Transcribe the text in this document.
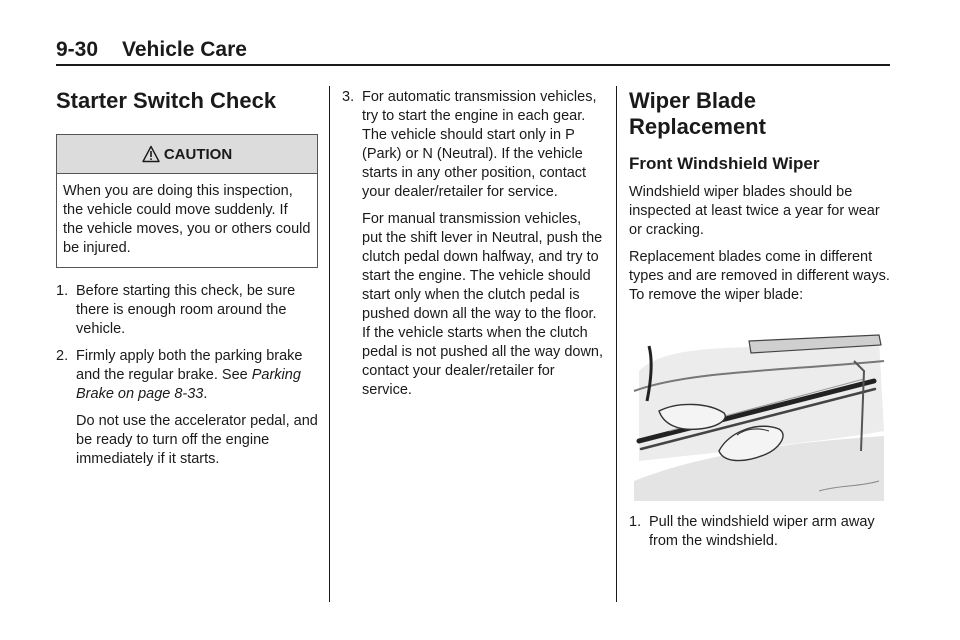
9-30 Vehicle Care
Starter Switch Check
CAUTION
When you are doing this inspection, the vehicle could move suddenly. If the vehicle moves, you or others could be injured.
1. Before starting this check, be sure there is enough room around the vehicle.
2. Firmly apply both the parking brake and the regular brake. See Parking Brake on page 8-33.

Do not use the accelerator pedal, and be ready to turn off the engine immediately if it starts.

3. For automatic transmission vehicles, try to start the engine in each gear. The vehicle should start only in P (Park) or N (Neutral). If the vehicle starts in any other position, contact your dealer/retailer for service.

For manual transmission vehicles, put the shift lever in Neutral, push the clutch pedal down halfway, and try to start the engine. The vehicle should start only when the clutch pedal is pushed down all the way to the floor. If the vehicle starts when the clutch pedal is not pushed all the way down, contact your dealer/retailer for service.

Wiper Blade Replacement
Front Windshield Wiper

Windshield wiper blades should be inspected at least twice a year for wear or cracking.

Replacement blades come in different types and are removed in different ways. To remove the wiper blade:

1. Pull the windshield wiper arm away from the windshield.
